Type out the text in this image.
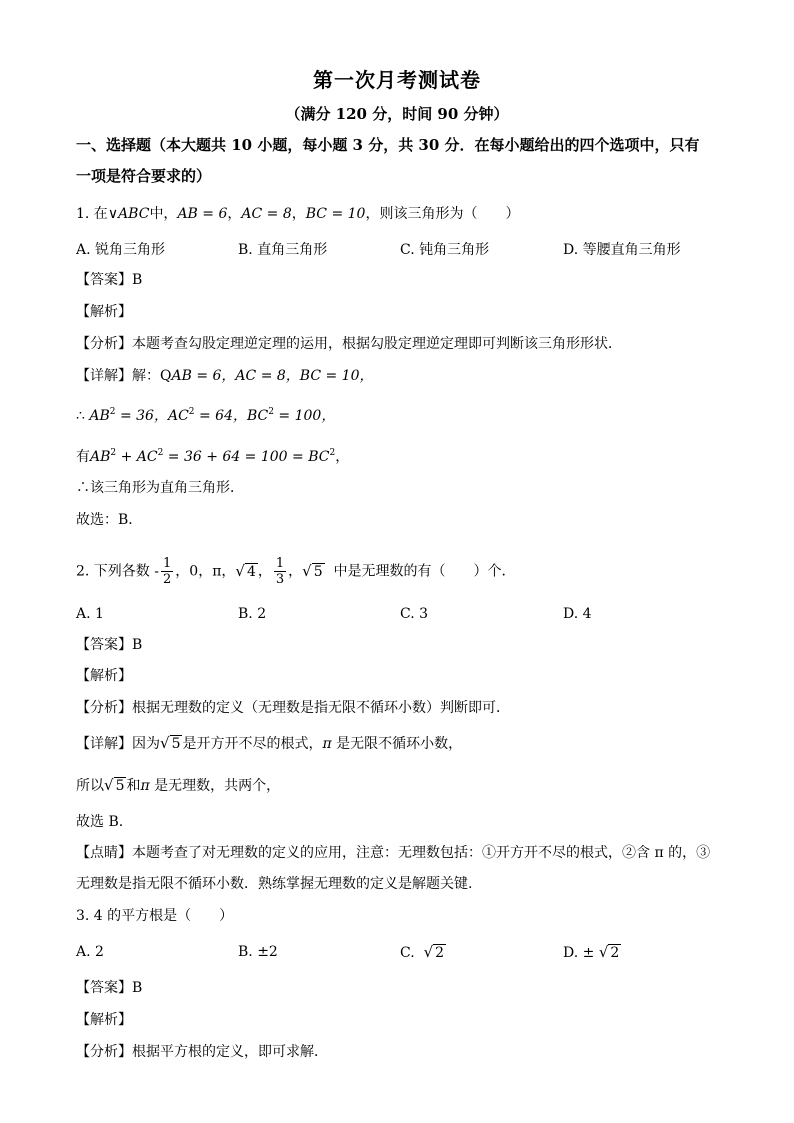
第一次月考测试卷
（满分 120 分，时间 90 分钟）
一、选择题（本大题共 10 小题，每小题 3 分，共 30 分．在每小题给出的四个选项中，只有
一项是符合要求的）
1. 在∨ABC中，AB = 6，AC = 8，BC = 10，则该三角形为（　　）
A. 锐角三角形	B. 直角三角形	C. 钝角三角形	D. 等腰直角三角形
【答案】B
【解析】
【分析】本题考查勾股定理逆定理的运用，根据勾股定理逆定理即可判断该三角形形状．
【详解】解：QAB = 6，AC = 8，BC = 10，
∴ $AB^2 = 36$，$AC^2 = 64$，$BC^2 = 100$，
有$AB^2 + AC^2 = 36 + 64 = 100 = BC^2$，
∴该三角形为直角三角形．
故选：B．
2. 下列各数 - $\frac{1}{2}$ ，0，π，√ 4 ， $\frac{1}{3}$ ，√ 5 中是无理数的有（　　）个．
A. 1	B. 2	C. 3	D. 4
【答案】B
【解析】
【分析】根据无理数的定义（无理数是指无限不循环小数）判断即可．
【详解】因为√ 5 是开方开不尽的根式，π 是无限不循环小数，
所以√ 5 和π 是无理数，共两个，
故选 B.
【点睛】本题考查了对无理数的定义的应用，注意：无理数包括：①开方开不尽的根式，②含 π 的，③
无理数是指无限不循环小数．熟练掌握无理数的定义是解题关键.
3. 4 的平方根是（　　）
A. 2	B. ±2	C. √ 2	D. ± √ 2
【答案】B
【解析】
【分析】根据平方根的定义，即可求解．
